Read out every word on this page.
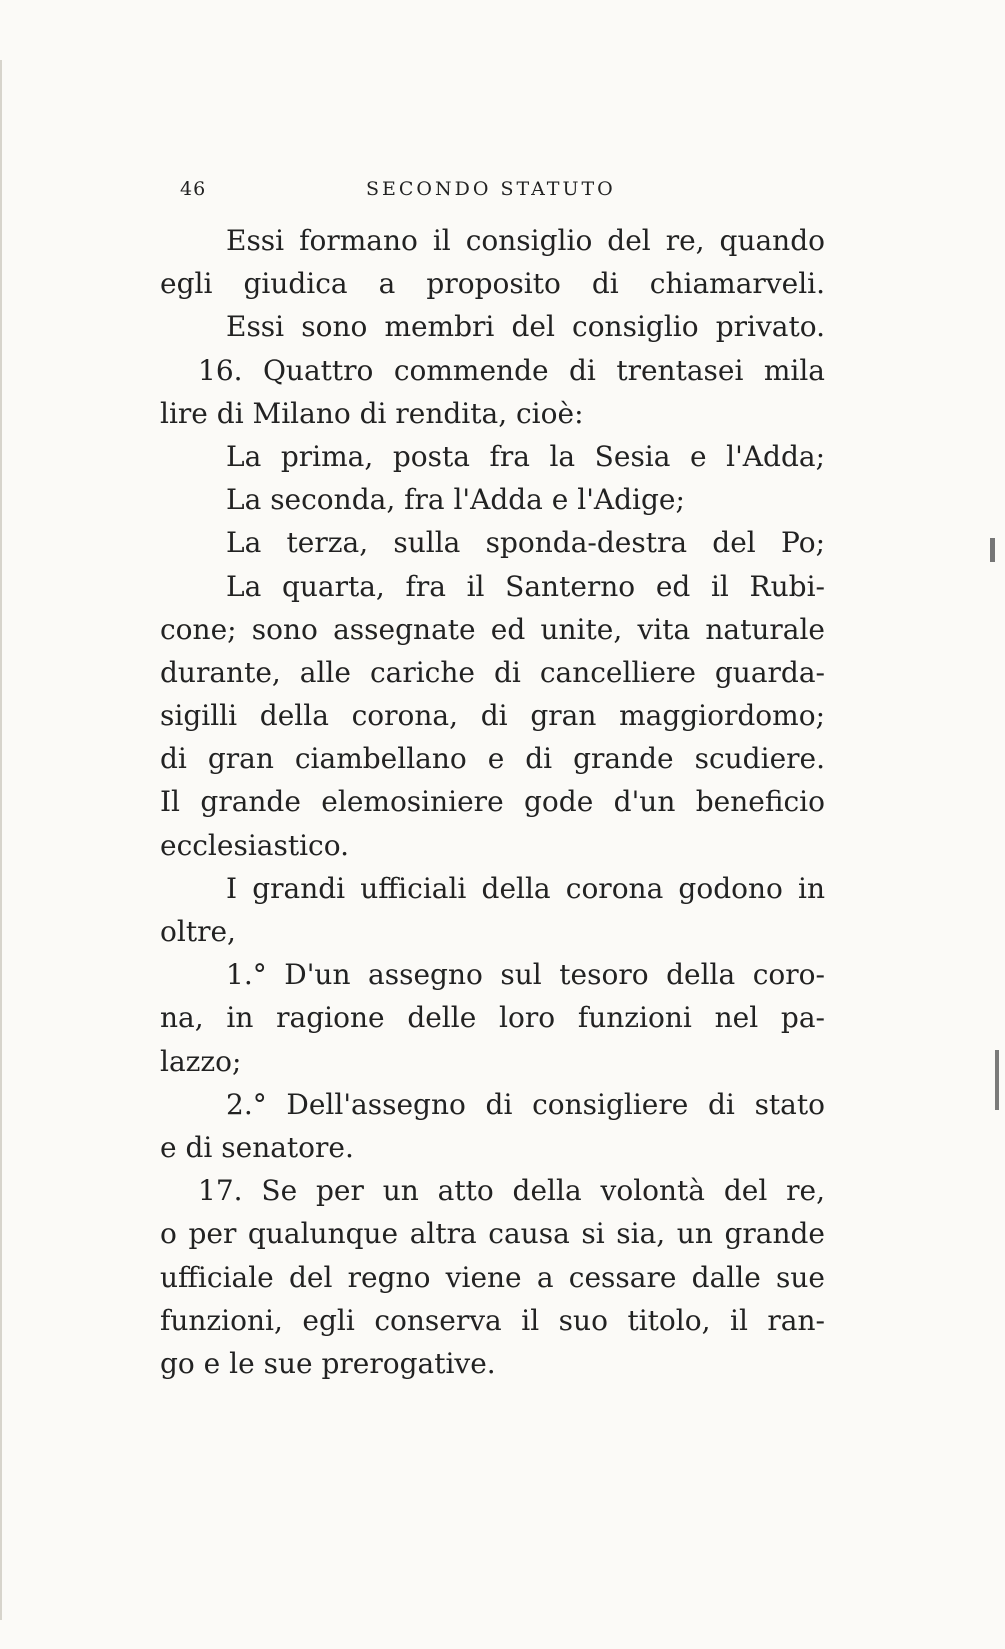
46	SECONDO STATUTO
Essi formano il consiglio del re, quando
egli giudica a proposito di chiamarveli.
Essi sono membri del consiglio privato.
16. Quattro commende di trentasei mila
lire di Milano di rendita, cioè:
La prima, posta fra la Sesia e l'Adda;
La seconda, fra l'Adda e l'Adige;
La terza, sulla sponda-destra del Po;
La quarta, fra il Santerno ed il Rubi-
cone; sono assegnate ed unite, vita naturale
durante, alle cariche di cancelliere guarda-
sigilli della corona, di gran maggiordomo;
di gran ciambellano e di grande scudiere.
Il grande elemosiniere gode d'un beneficio
ecclesiastico.
I grandi ufficiali della corona godono in
oltre,
1.° D'un assegno sul tesoro della coro-
na, in ragione delle loro funzioni nel pa-
lazzo;
2.° Dell'assegno di consigliere di stato
e di senatore.
17. Se per un atto della volontà del re,
o per qualunque altra causa si sia, un grande
ufficiale del regno viene a cessare dalle sue
funzioni, egli conserva il suo titolo, il ran-
go e le sue prerogative.
